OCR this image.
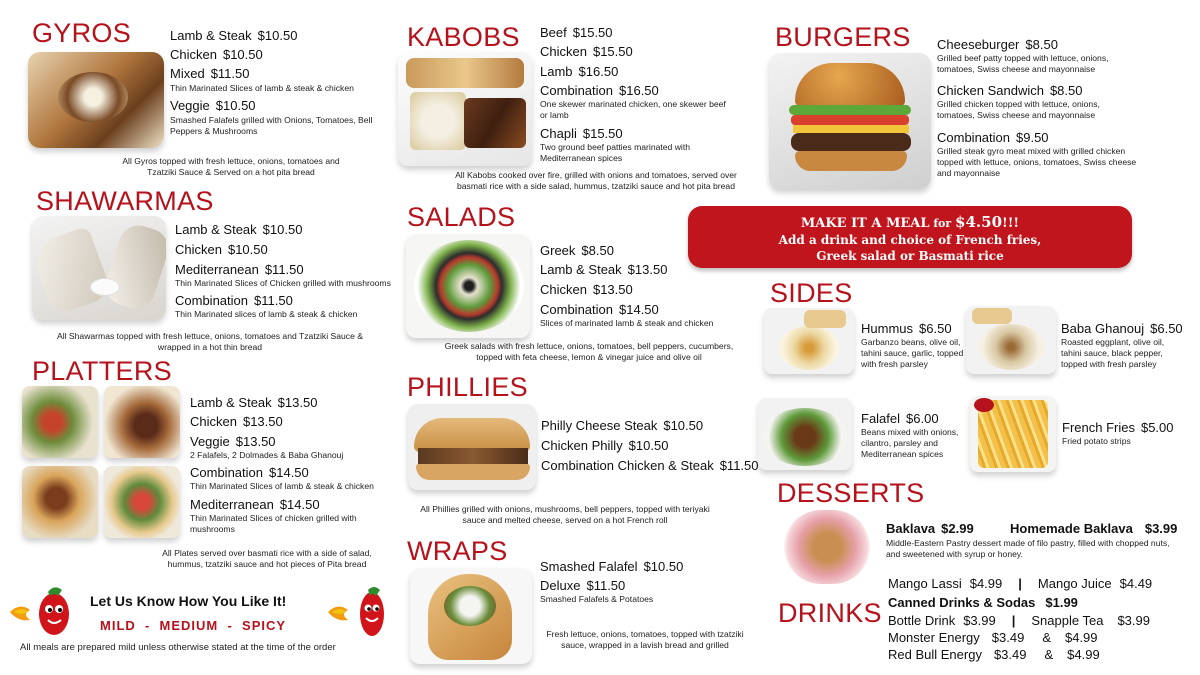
GYROS	Lamb & Steak $10.50
Chicken $10.50
Mixed $11.50
Thin Marinated Slices of lamb & steak & chicken
Veggie $10.50
Smashed Falafels grilled with Onions, Tomatoes, Bell Peppers & Mushrooms
All Gyros topped with fresh lettuce, onions, tomatoes and Tzatziki Sauce & Served on a hot pita bread
SHAWARMAS
Lamb & Steak $10.50
Chicken $10.50
Mediterranean $11.50
Thin Marinated Slices of Chicken grilled with mushrooms
Combination $11.50
Thin Marinated slices of lamb & steak & chicken
All Shawarmas topped with fresh lettuce, onions, tomatoes and Tzatziki Sauce & wrapped in a hot thin bread
PLATTERS
Lamb & Steak $13.50
Chicken $13.50
Veggie $13.50
2 Falafels, 2 Dolmades & Baba Ghanouj
Combination $14.50
Thin Marinated Slices of lamb & steak & chicken
Mediterranean $14.50
Thin Marinated Slices of chicken grilled with mushrooms
All Plates served over basmati rice with a side of salad, hummus, tzatziki sauce and hot pieces of Pita bread
Let Us Know How You Like It!
MILD  -  MEDIUM  -  SPICY
All meals are prepared mild unless otherwise stated at the time of the order
KABOBS Beef $15.50
Chicken $15.50
Lamb $16.50
Combination $16.50
One skewer marinated chicken, one skewer beef or lamb
Chapli $15.50
Two ground beef patties marinated with Mediterranean spices
All Kabobs cooked over fire, grilled with onions and tomatoes, served over basmati rice with a side salad, hummus, tzatziki sauce and hot pita bread
SALADS
Greek $8.50
Lamb & Steak $13.50
Chicken $13.50
Combination $14.50
Slices of marinated lamb & steak and chicken
Greek salads with fresh lettuce, onions, tomatoes, bell peppers, cucumbers, topped with feta cheese, lemon & vinegar juice and olive oil
PHILLIES
Philly Cheese Steak $10.50
Chicken Philly $10.50
Combination Chicken & Steak $11.50
All Phillies grilled with onions, mushrooms, bell peppers, topped with teriyaki sauce and melted cheese, served on a hot French roll
WRAPS
Smashed Falafel $10.50
Deluxe $11.50
Smashed Falafels & Potatoes
Fresh lettuce, onions, tomatoes, topped with tzatziki sauce, wrapped in a lavish bread and grilled
BURGERS Cheeseburger $8.50
Grilled beef patty topped with lettuce, onions, tomatoes, Swiss cheese and mayonnaise
Chicken Sandwich $8.50
Grilled chicken topped with lettuce, onions, tomatoes, Swiss cheese and mayonnaise
Combination $9.50
Grilled steak gyro meat mixed with grilled chicken topped with lettuce, onions, tomatoes, Swiss cheese and mayonnaise
MAKE IT A MEAL for $4.50!!!
Add a drink and choice of French fries,
Greek salad or Basmati rice
SIDES
Hummus $6.50
Garbanzo beans, olive oil, tahini sauce, garlic, topped with fresh parsley
Baba Ghanouj $6.50
Roasted eggplant, olive oil, tahini sauce, black pepper, topped with fresh parsley
Falafel $6.00
Beans mixed with onions, cilantro, parsley and Mediterranean spices
French Fries $5.00
Fried potato strips
DESSERTS
Baklava $2.99	Homemade Baklava $3.99
Middle-Eastern Pastry dessert made of filo pastry, filled with chopped nuts, and sweetened with syrup or honey.
DRINKS
Mango Lassi $4.99 | Mango Juice $4.49
Canned Drinks & Sodas $1.99
Bottle Drink $3.99 | Snapple Tea $3.99
Monster Energy $3.49 & $4.99
Red Bull Energy $3.49 & $4.99
